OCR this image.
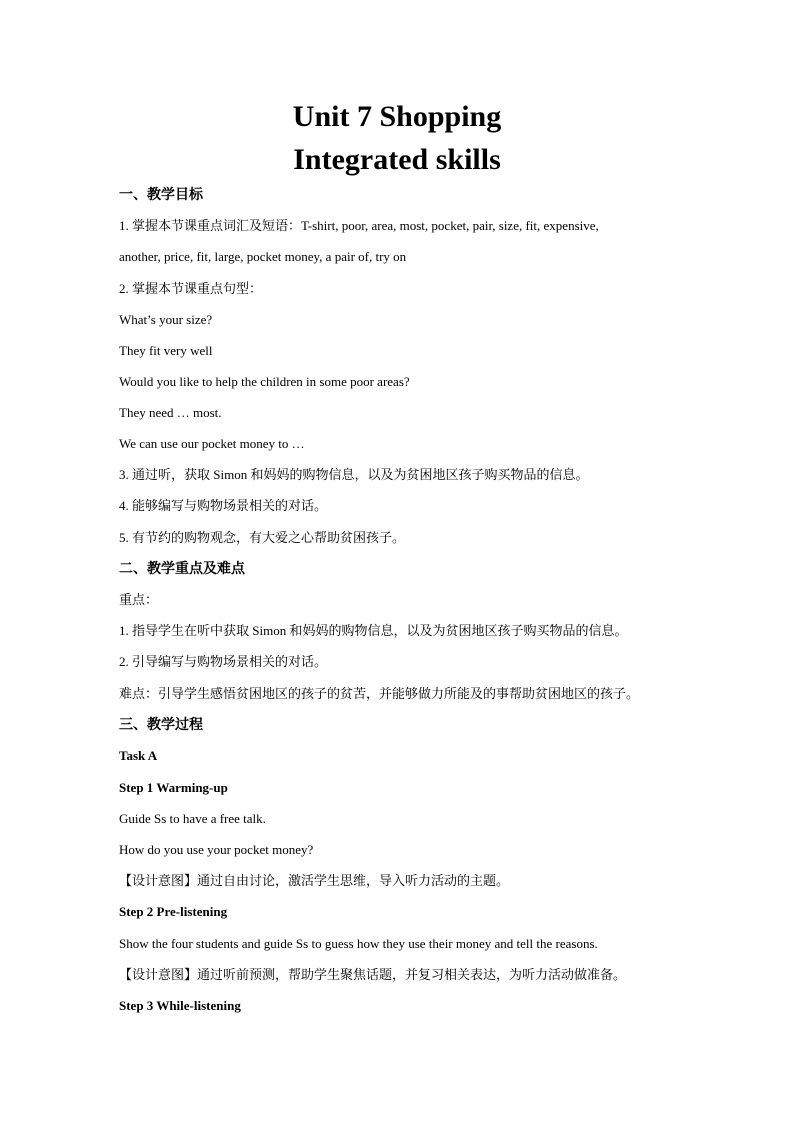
Unit 7 Shopping
Integrated skills
一、教学目标
1. 掌握本节课重点词汇及短语：T-shirt, poor, area, most, pocket, pair, size, fit, expensive,
another, price, fit, large, pocket money, a pair of, try on
2. 掌握本节课重点句型：
What’s your size?
They fit very well
Would you like to help the children in some poor areas?
They need … most.
We can use our pocket money to …
3. 通过听，获取 Simon 和妈妈的购物信息，以及为贫困地区孩子购买物品的信息。
4. 能够编写与购物场景相关的对话。
5. 有节约的购物观念，有大爱之心帮助贫困孩子。
二、教学重点及难点
重点：
1. 指导学生在听中获取 Simon 和妈妈的购物信息，以及为贫困地区孩子购买物品的信息。
2. 引导编写与购物场景相关的对话。
难点：引导学生感悟贫困地区的孩子的贫苦，并能够做力所能及的事帮助贫困地区的孩子。
三、教学过程
Task A
Step 1 Warming-up
Guide Ss to have a free talk.
How do you use your pocket money?
【设计意图】通过自由讨论，激活学生思维，导入听力活动的主题。
Step 2 Pre-listening
Show the four students and guide Ss to guess how they use their money and tell the reasons.
【设计意图】通过听前预测，帮助学生聚焦话题，并复习相关表达，为听力活动做准备。
Step 3 While-listening
